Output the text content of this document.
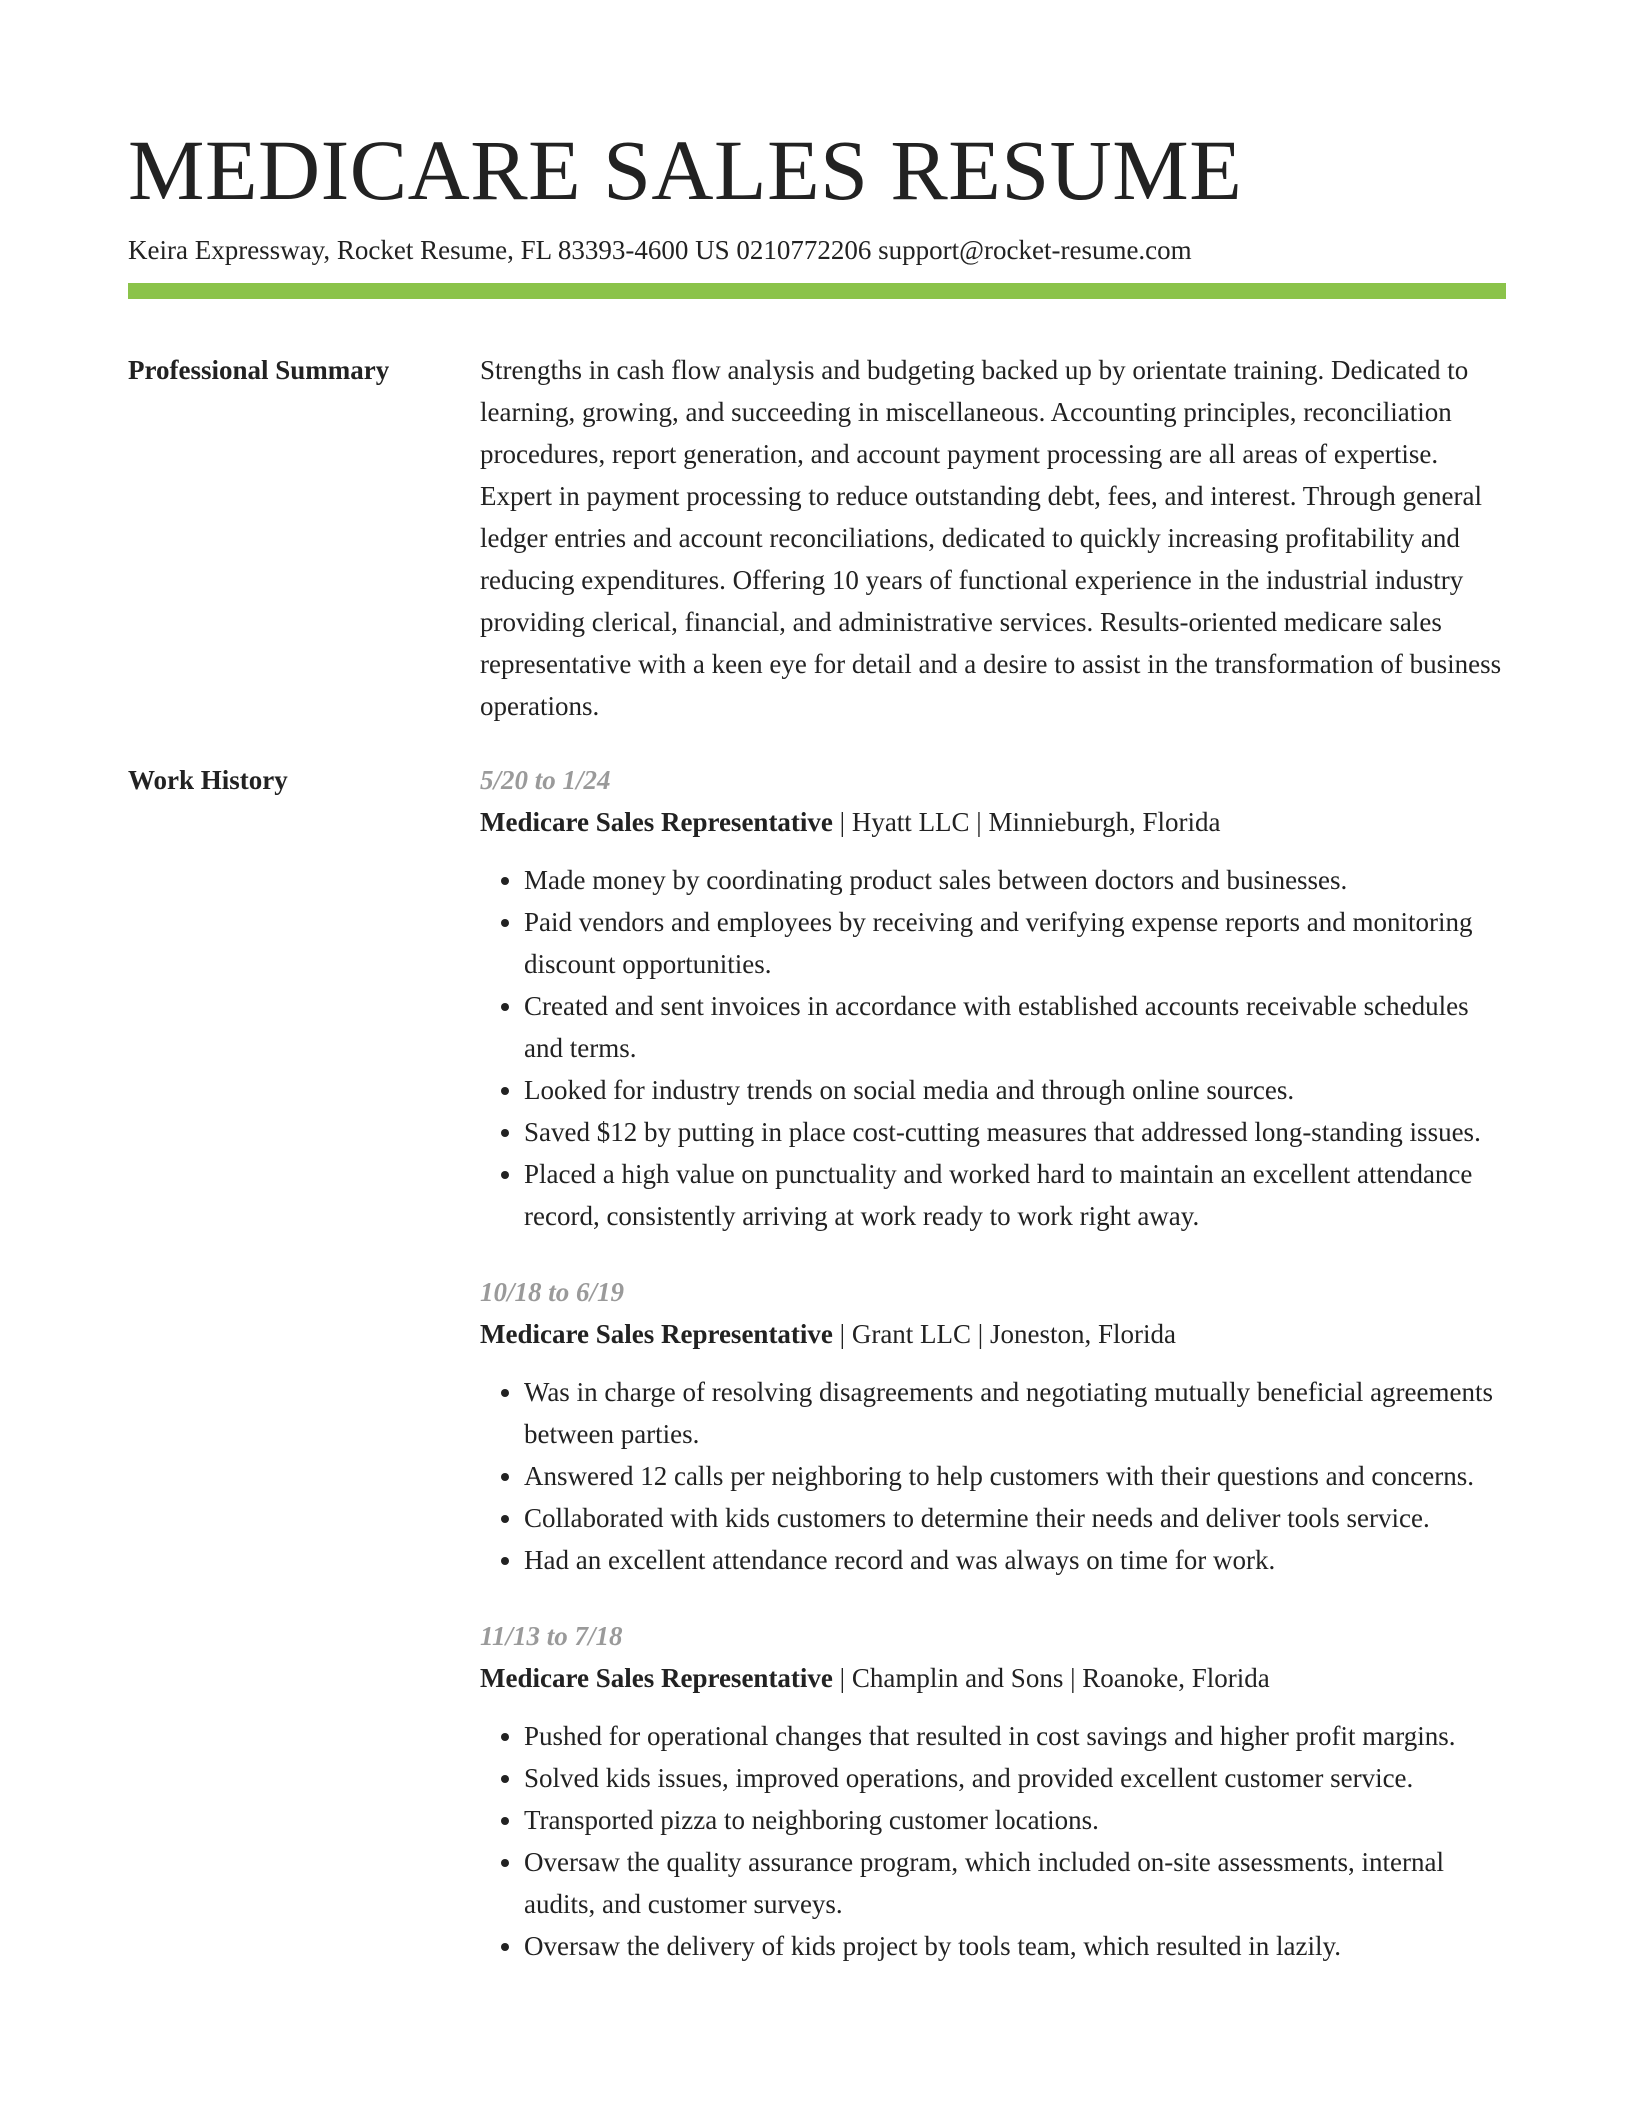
MEDICARE SALES RESUME
Keira Expressway, Rocket Resume, FL 83393-4600 US 0210772206 support@rocket-resume.com
Professional Summary	Strengths in cash flow analysis and budgeting backed up by orientate training. Dedicated to learning, growing, and succeeding in miscellaneous. Accounting principles, reconciliation procedures, report generation, and account payment processing are all areas of expertise. Expert in payment processing to reduce outstanding debt, fees, and interest. Through general ledger entries and account reconciliations, dedicated to quickly increasing profitability and reducing expenditures. Offering 10 years of functional experience in the industrial industry providing clerical, financial, and administrative services. Results-oriented medicare sales representative with a keen eye for detail and a desire to assist in the transformation of business operations.

Work History	5/20 to 1/24
Medicare Sales Representative | Hyatt LLC | Minnieburgh, Florida
• Made money by coordinating product sales between doctors and businesses.
• Paid vendors and employees by receiving and verifying expense reports and monitoring discount opportunities.
• Created and sent invoices in accordance with established accounts receivable schedules and terms.
• Looked for industry trends on social media and through online sources.
• Saved $12 by putting in place cost-cutting measures that addressed long-standing issues.
• Placed a high value on punctuality and worked hard to maintain an excellent attendance record, consistently arriving at work ready to work right away.
10/18 to 6/19
Medicare Sales Representative | Grant LLC | Joneston, Florida
• Was in charge of resolving disagreements and negotiating mutually beneficial agreements between parties.
• Answered 12 calls per neighboring to help customers with their questions and concerns.
• Collaborated with kids customers to determine their needs and deliver tools service.
• Had an excellent attendance record and was always on time for work.
11/13 to 7/18
Medicare Sales Representative | Champlin and Sons | Roanoke, Florida
• Pushed for operational changes that resulted in cost savings and higher profit margins.
• Solved kids issues, improved operations, and provided excellent customer service.
• Transported pizza to neighboring customer locations.
• Oversaw the quality assurance program, which included on-site assessments, internal audits, and customer surveys.
• Oversaw the delivery of kids project by tools team, which resulted in lazily.
